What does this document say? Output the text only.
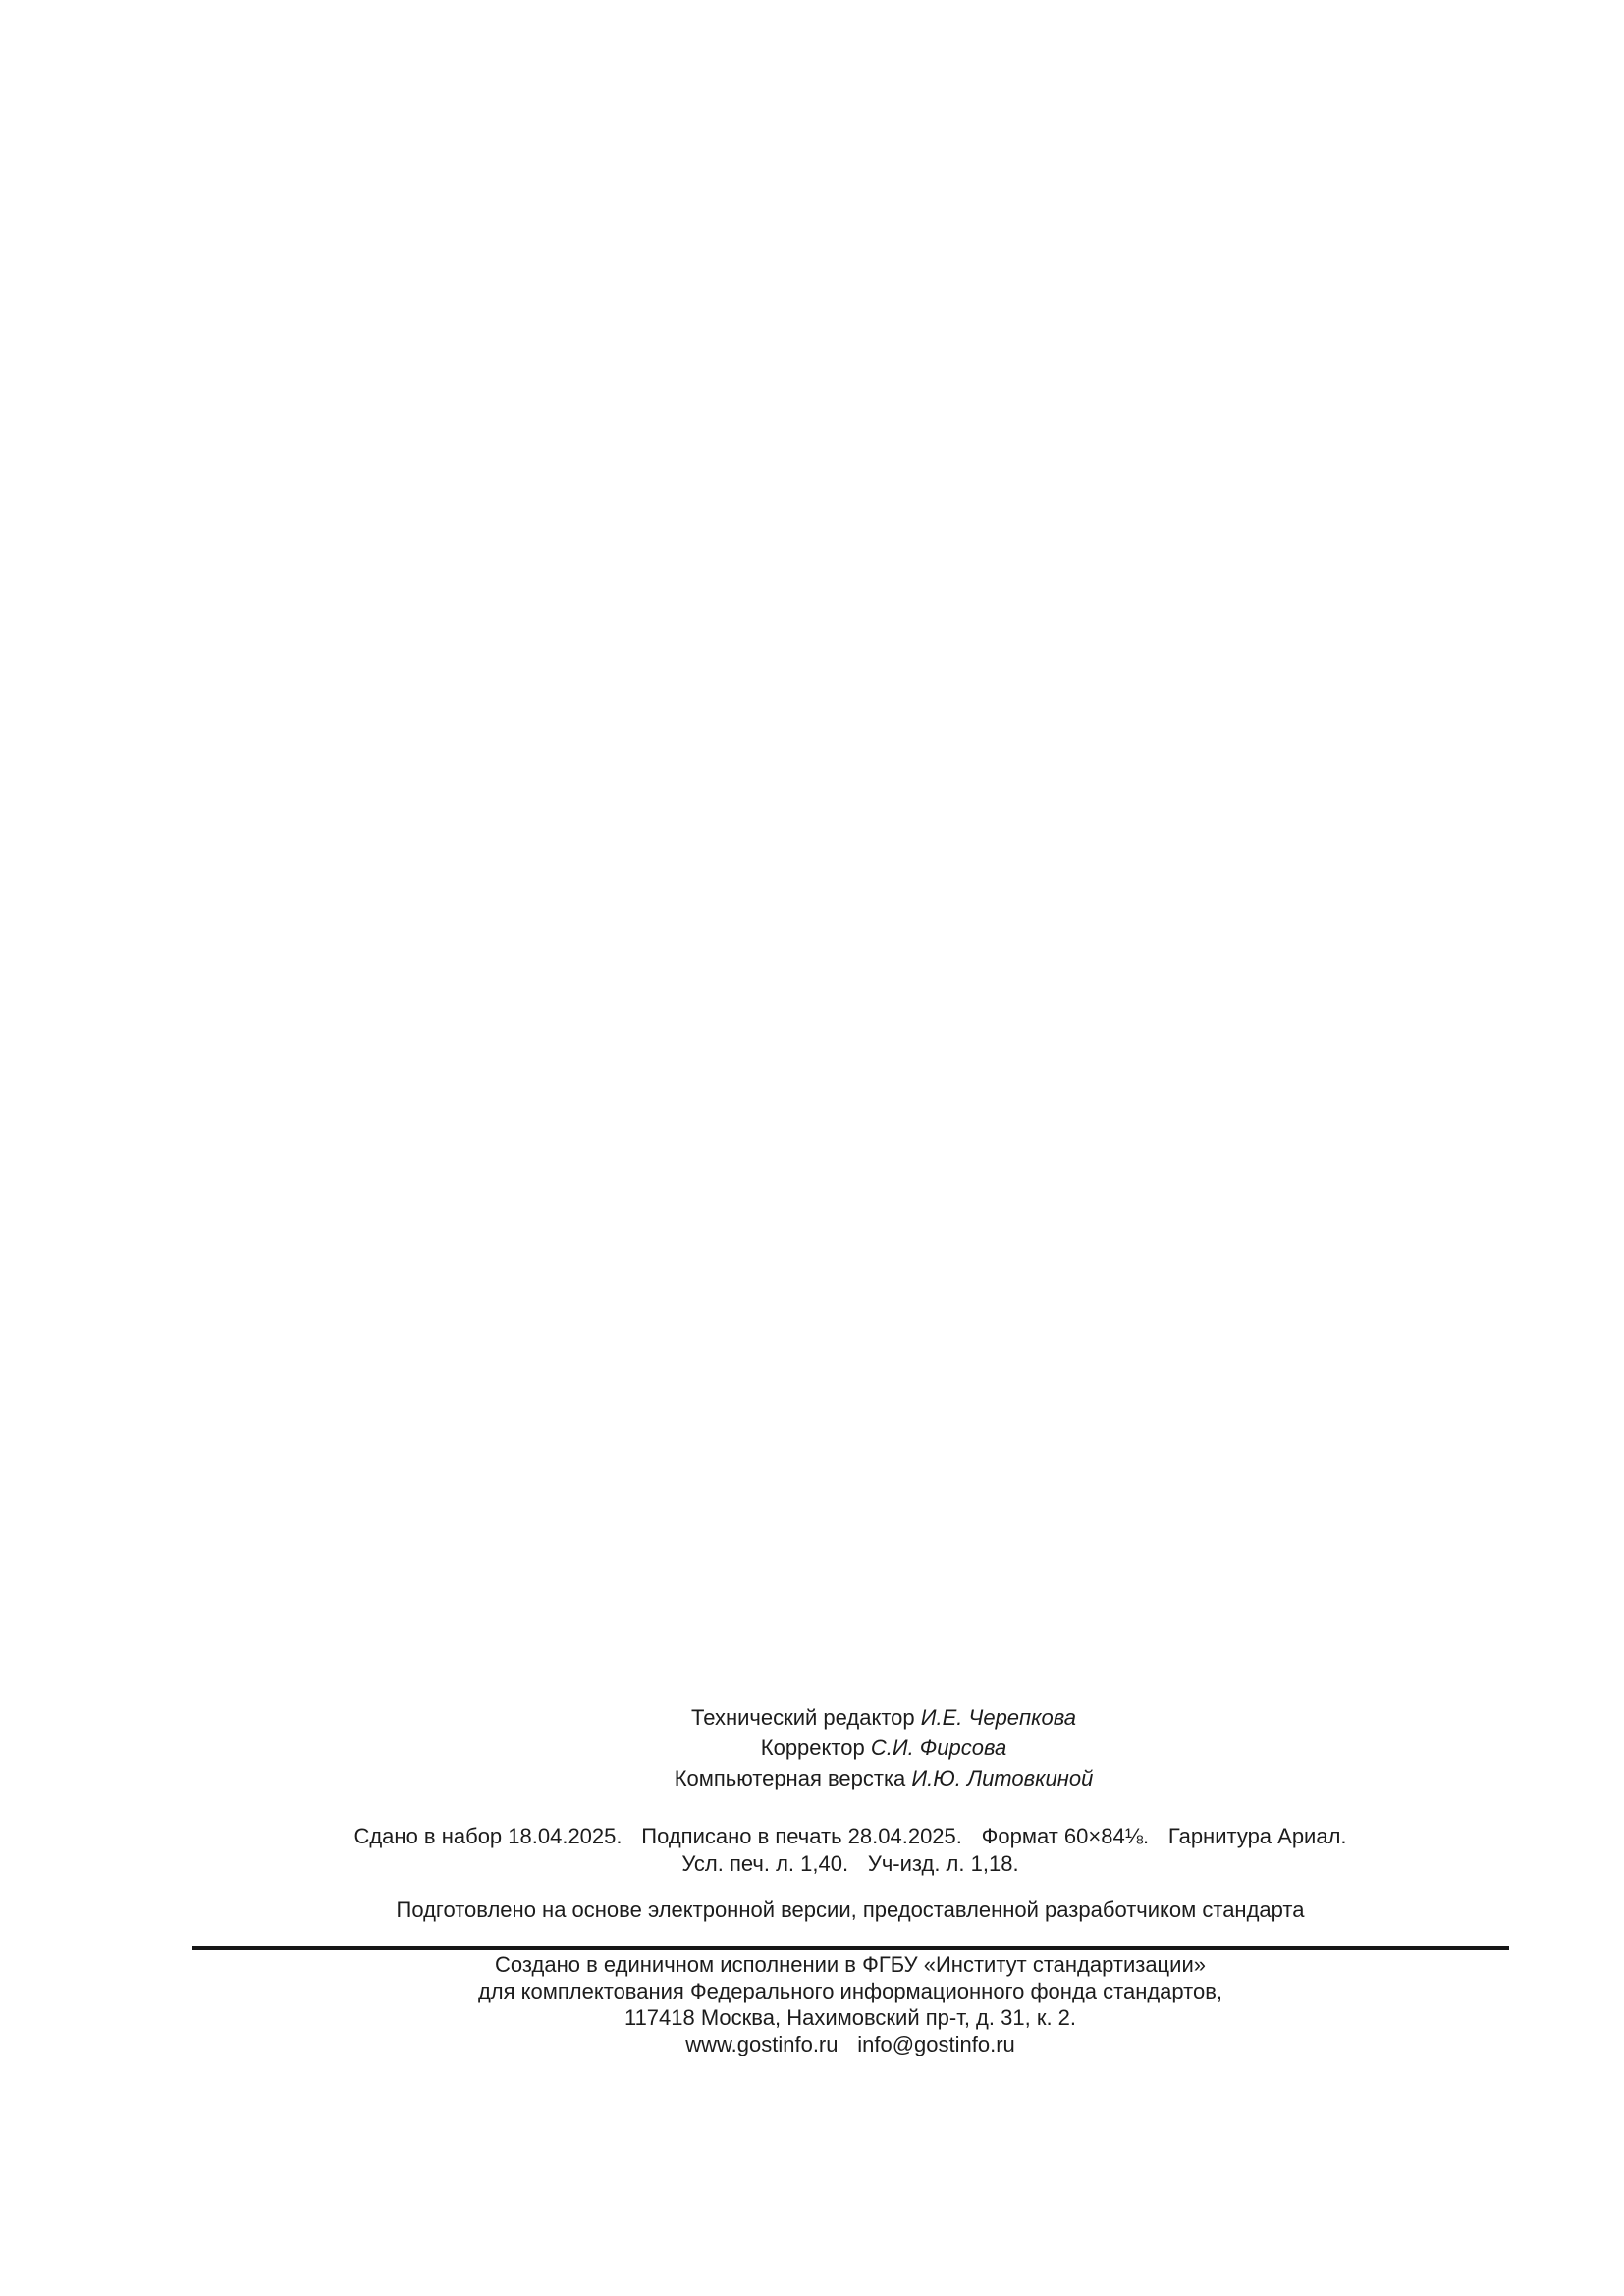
Технический редактор И.Е. Черепкова
Корректор С.И. Фирсова
Компьютерная верстка И.Ю. Литовкиной
Сдано в набор 18.04.2025. Подписано в печать 28.04.2025. Формат 60×84⅛. Гарнитура Ариал.
Усл. печ. л. 1,40. Уч-изд. л. 1,18.
Подготовлено на основе электронной версии, предоставленной разработчиком стандарта
Создано в единичном исполнении в ФГБУ «Институт стандартизации»
для комплектования Федерального информационного фонда стандартов,
117418 Москва, Нахимовский пр-т, д. 31, к. 2.
www.gostinfo.ru info@gostinfo.ru
